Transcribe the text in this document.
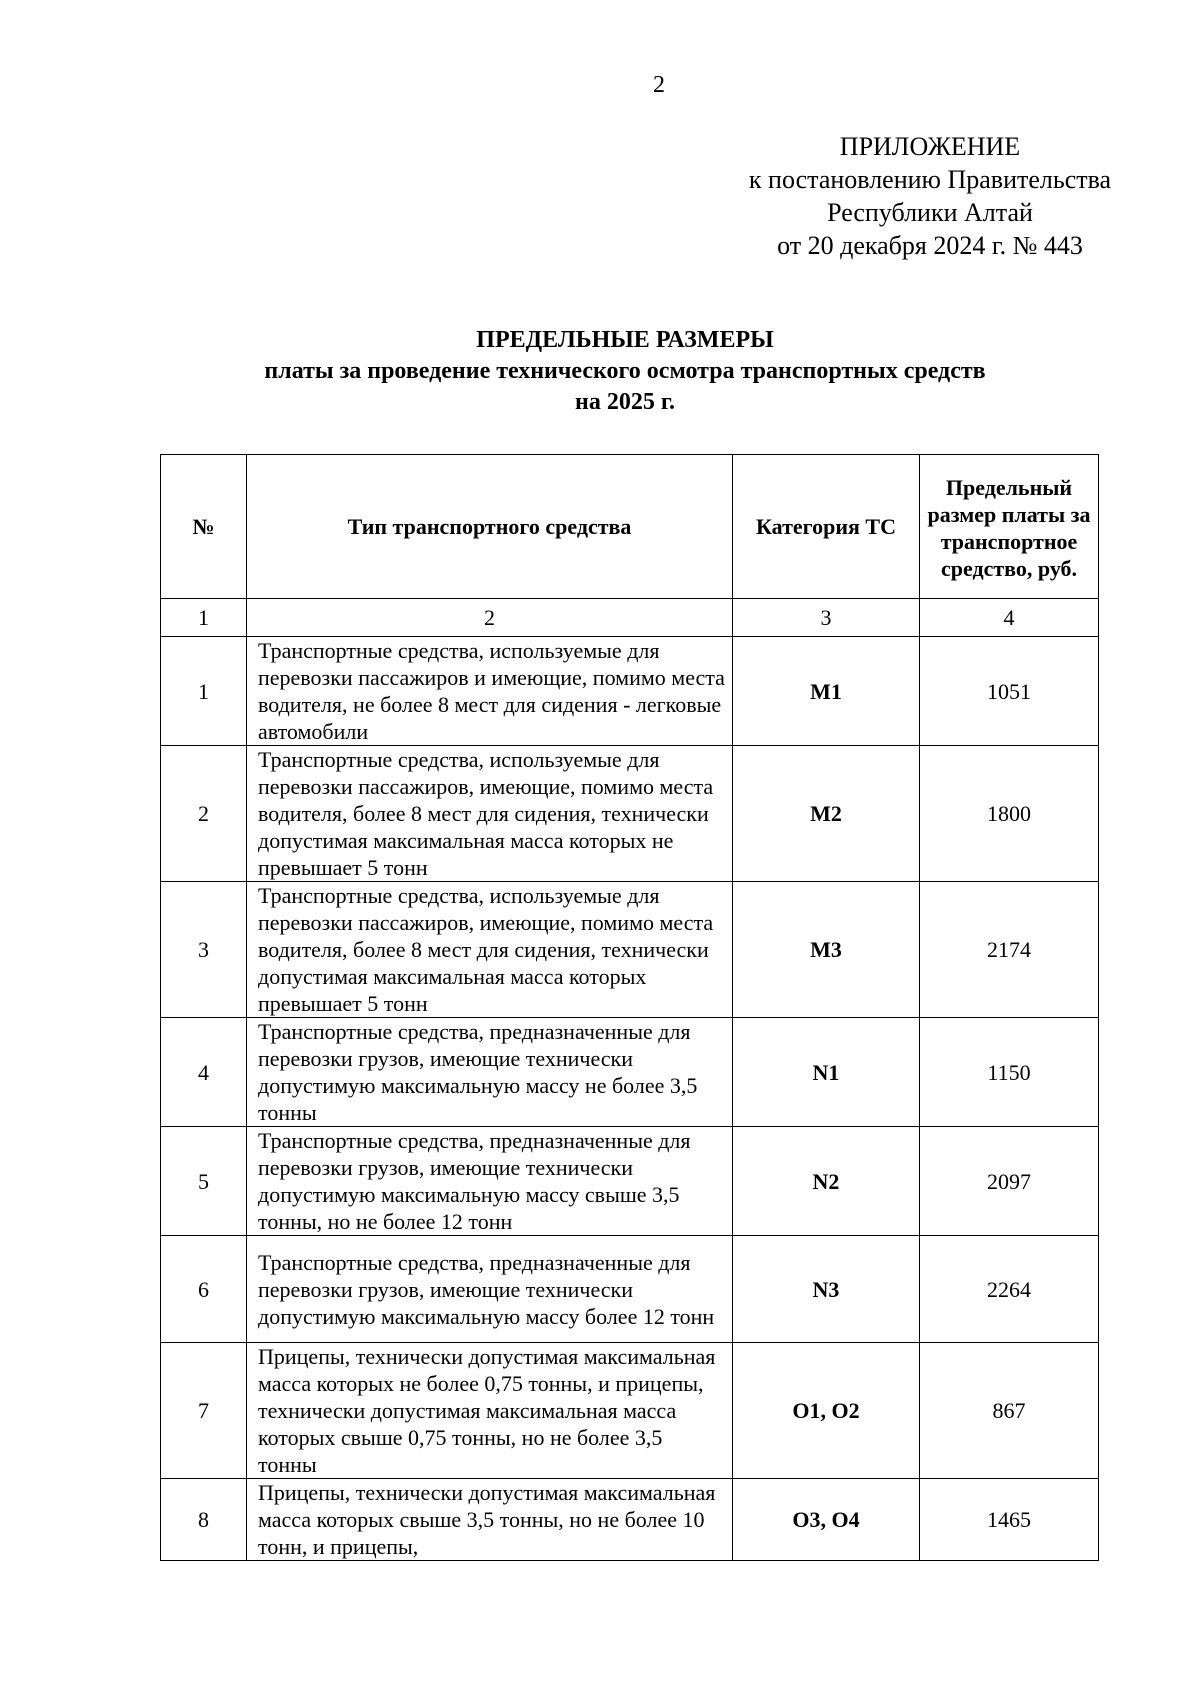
2
ПРИЛОЖЕНИЕ
к постановлению Правительства
Республики Алтай
от 20 декабря 2024 г. № 443
ПРЕДЕЛЬНЫЕ РАЗМЕРЫ
платы за проведение технического осмотра транспортных средств
на 2025 г.
№	Тип транспортного средства	Категория ТС	Предельный размер платы за транспортное средство, руб.
1	2	3	4
1	Транспортные средства, используемые для перевозки пассажиров и имеющие, помимо места водителя, не более 8 мест для сидения - легковые автомобили	M1	1051
2	Транспортные средства, используемые для перевозки пассажиров, имеющие, помимо места водителя, более 8 мест для сидения, технически допустимая максимальная масса которых не превышает 5 тонн	M2	1800
3	Транспортные средства, используемые для перевозки пассажиров, имеющие, помимо места водителя, более 8 мест для сидения, технически допустимая максимальная масса которых превышает 5 тонн	M3	2174
4	Транспортные средства, предназначенные для перевозки грузов, имеющие технически допустимую максимальную массу не более 3,5 тонны	N1	1150
5	Транспортные средства, предназначенные для перевозки грузов, имеющие технически допустимую максимальную массу свыше 3,5 тонны, но не более 12 тонн	N2	2097
6	Транспортные средства, предназначенные для перевозки грузов, имеющие технически допустимую максимальную массу более 12 тонн	N3	2264
7	Прицепы, технически допустимая максимальная масса которых не более 0,75 тонны, и прицепы, технически допустимая максимальная масса которых свыше 0,75 тонны, но не более 3,5 тонны	O1, O2	867
8	Прицепы, технически допустимая максимальная масса которых свыше 3,5 тонны, но не более 10 тонн, и прицепы,	O3, O4	1465
